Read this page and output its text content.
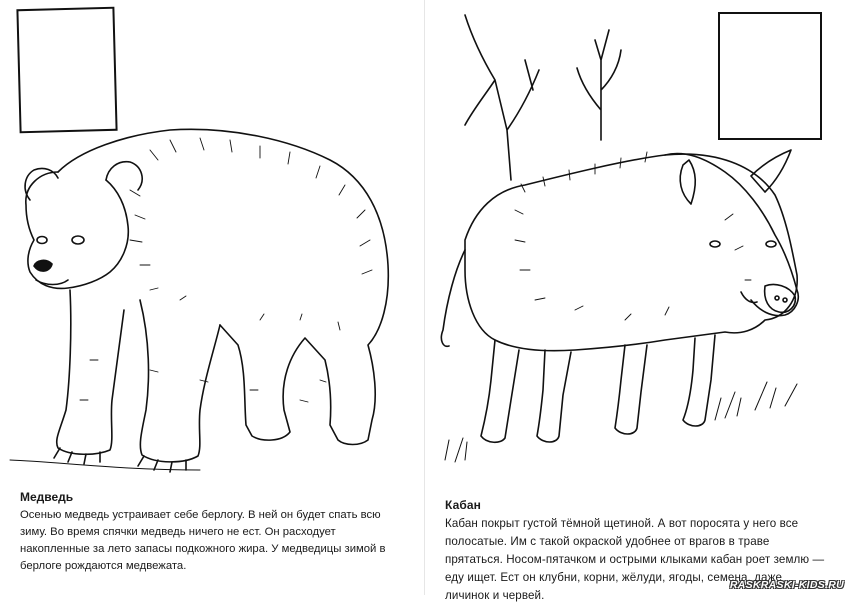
Медведь

Осенью медведь устраивает себе берлогу. В ней он будет спать всю зиму. Во время спячки медведь ничего не ест. Он расходует накопленные за лето запасы подкожного жира. У медведицы зимой в берлоге рождаются медвежата.

Кабан

Кабан покрыт густой тёмной щетиной. А вот поросята у него все полосатые. Им с такой окраской удобнее от врагов в траве прятаться. Носом-пятачком и острыми клыками кабан роет землю — еду ищет. Ест он клубни, корни, жёлуди, ягоды, семена, даже личинок и червей.

RASKRASKI-KIDS.RU
